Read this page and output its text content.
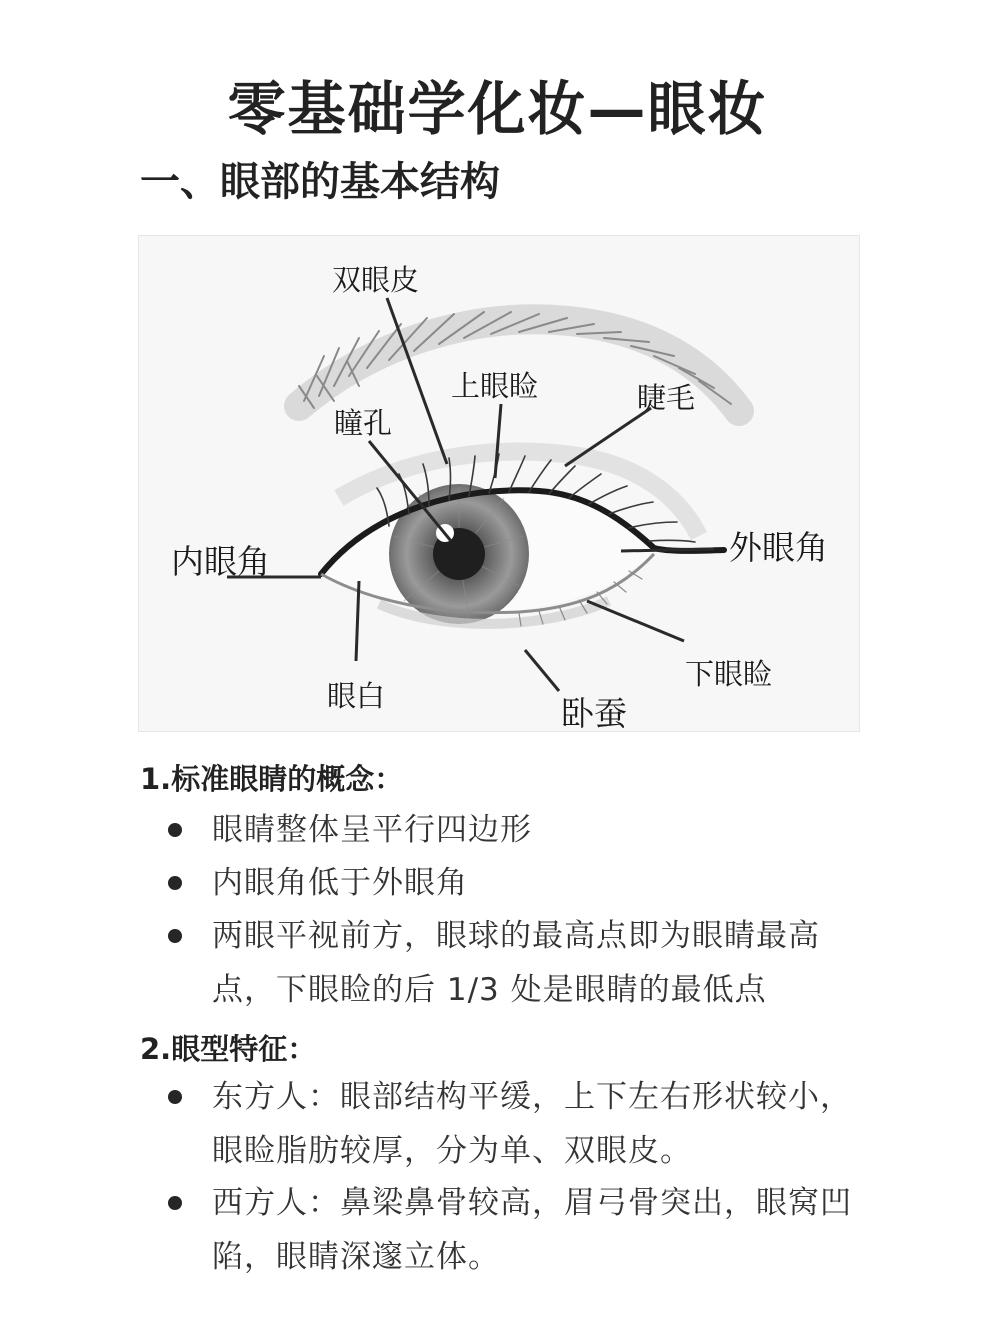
零基础学化妆—眼妆
一、眼部的基本结构
双眼皮
瞳孔
上眼睑	睫毛
内眼角	外眼角
眼白	卧蚕
下眼睑
1.标准眼睛的概念：
眼睛整体呈平行四边形
内眼角低于外眼角
两眼平视前方，眼球的最高点即为眼睛最高点，下眼睑的后 1/3 处是眼睛的最低点
2.眼型特征：
东方人：眼部结构平缓，上下左右形状较小，眼睑脂肪较厚，分为单、双眼皮。
西方人：鼻梁鼻骨较高，眉弓骨突出，眼窝凹陷，眼睛深邃立体。
